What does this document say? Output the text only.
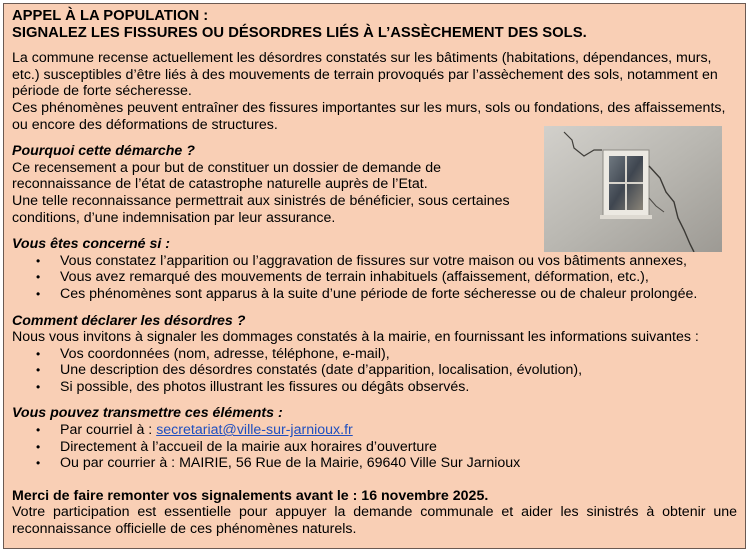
APPEL À LA POPULATION :

SIGNALEZ LES FISSURES OU DÉSORDRES LIÉS À L’ASSÈCHEMENT DES SOLS.

La commune recense actuellement les désordres constatés sur les bâtiments (habitations, dépendances, murs, etc.) susceptibles d’être liés à des mouvements de terrain provoqués par l’assèchement des sols, notamment en période de forte sécheresse.

Ces phénomènes peuvent entraîner des fissures importantes sur les murs, sols ou fondations, des affaissements, ou encore des déformations de structures.

Pourquoi cette démarche ?

Ce recensement a pour but de constituer un dossier de demande de

reconnaissance de l’état de catastrophe naturelle auprès de l’Etat.

Une telle reconnaissance permettrait aux sinistrés de bénéficier, sous certaines

conditions, d’une indemnisation par leur assurance.

Vous êtes concerné si :

• Vous constatez l’apparition ou l’aggravation de fissures sur votre maison ou vos bâtiments annexes,
• Vous avez remarqué des mouvements de terrain inhabituels (affaissement, déformation, etc.),
• Ces phénomènes sont apparus à la suite d’une période de forte sécheresse ou de chaleur prolongée.

Comment déclarer les désordres ?

Nous vous invitons à signaler les dommages constatés à la mairie, en fournissant les informations suivantes :

• Vos coordonnées (nom, adresse, téléphone, e-mail),
• Une description des désordres constatés (date d’apparition, localisation, évolution),
• Si possible, des photos illustrant les fissures ou dégâts observés.

Vous pouvez transmettre ces éléments :

• Par courriel à : secretariat@ville-sur-jarnioux.fr
• Directement à l’accueil de la mairie aux horaires d’ouverture
• Ou par courrier à : MAIRIE, 56 Rue de la Mairie, 69640 Ville Sur Jarnioux

Merci de faire remonter vos signalements avant le : 16 novembre 2025.

Votre participation est essentielle pour appuyer la demande communale et aider les sinistrés à obtenir une reconnaissance officielle de ces phénomènes naturels.
